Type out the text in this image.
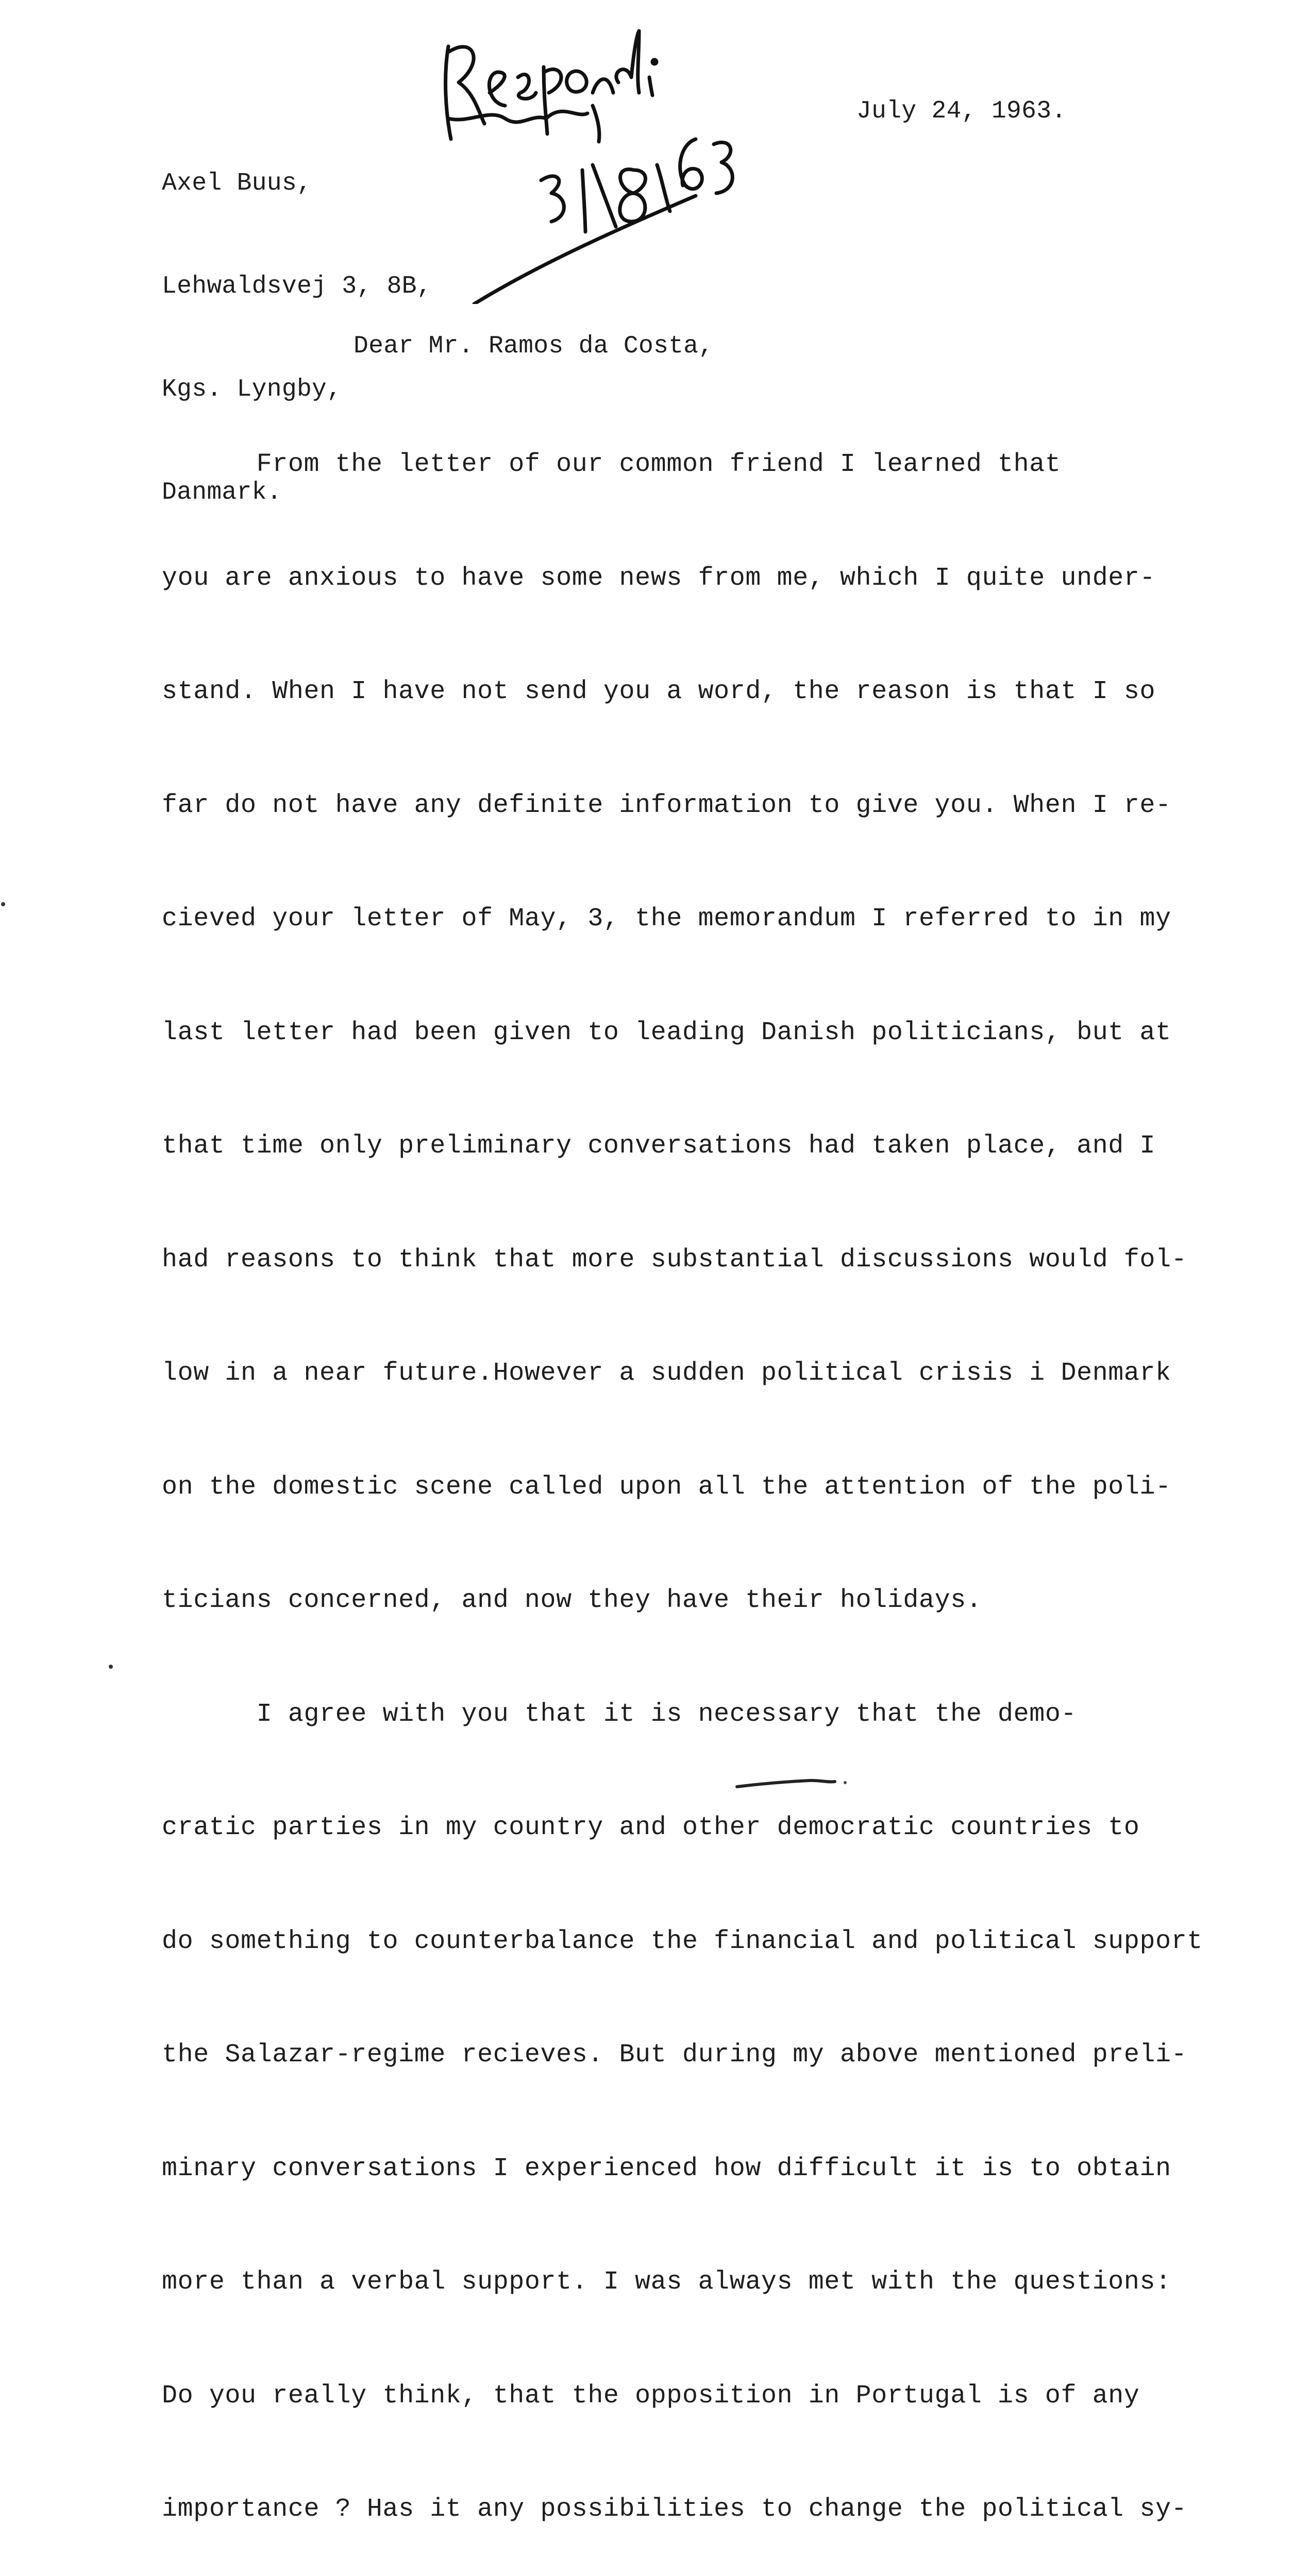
Axel Buus,

Lehwaldsvej 3, 8B,

Kgs. Lyngby,

Danmark.

July 24, 1963.
Dear Mr. Ramos da Costa,

From the letter of our common friend I learned that

you are anxious to have some news from me, which I quite under-

stand. When I have not send you a word, the reason is that I so

far do not have any definite information to give you. When I re-

cieved your letter of May, 3, the memorandum I referred to in my

last letter had been given to leading Danish politicians, but at

that time only preliminary conversations had taken place, and I

had reasons to think that more substantial discussions would fol-

low in a near future.However a sudden political crisis i Denmark

on the domestic scene called upon all the attention of the poli-

ticians concerned, and now they have their holidays.

I agree with you that it is necessary that the demo-

cratic parties in my country and other democratic countries to

do something to counterbalance the financial and political support

the Salazar-regime recieves. But during my above mentioned preli-

minary conversations I experienced how difficult it is to obtain

more than a verbal support. I was always met with the questions:

Do you really think, that the opposition in Portugal is of any

importance ? Has it any possibilities to change the political sy-
